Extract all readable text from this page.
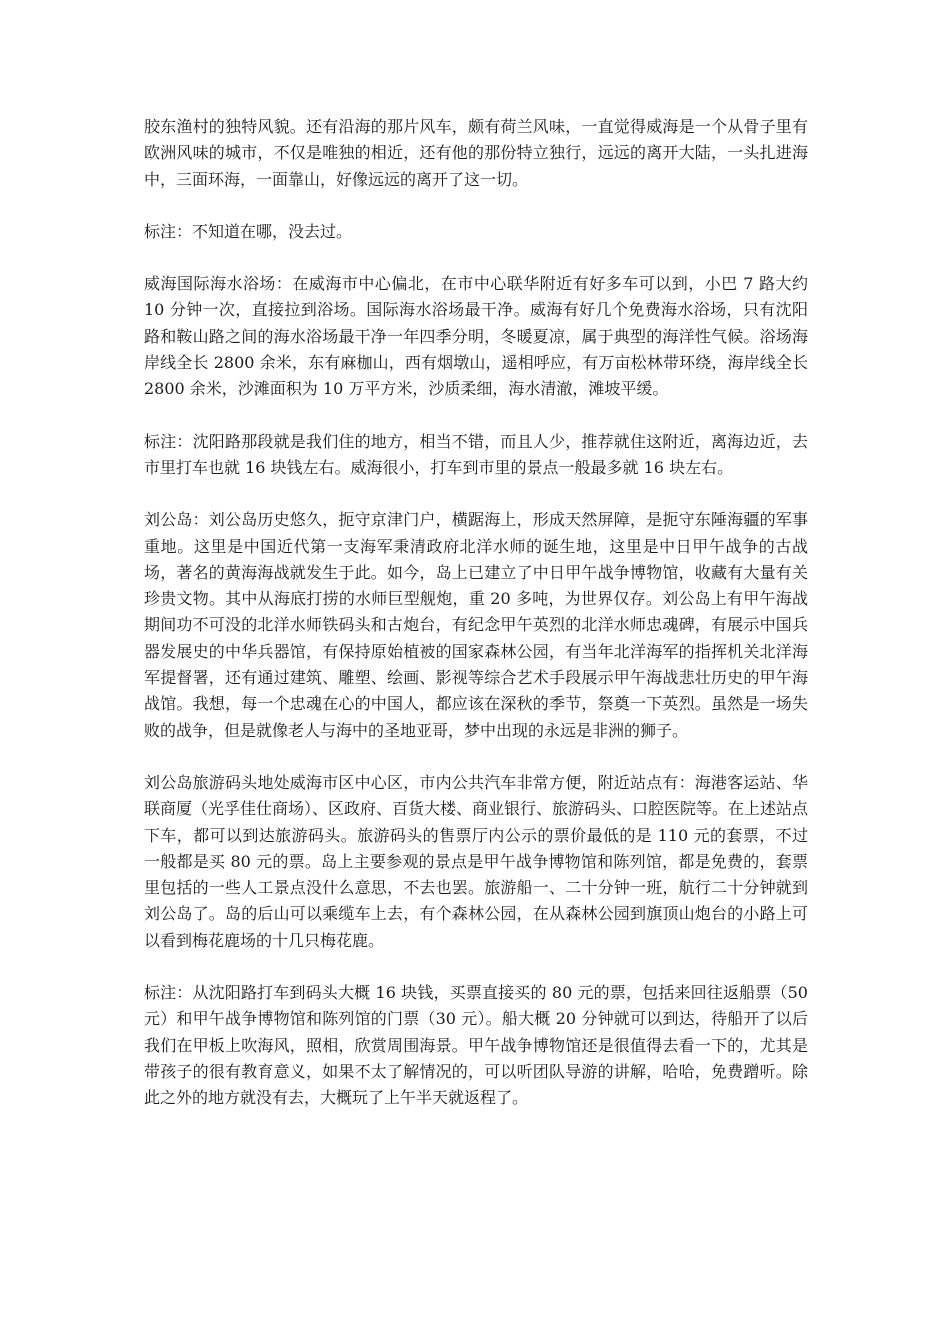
胶东渔村的独特风貌。还有沿海的那片风车，颇有荷兰风味，一直觉得威海是一个从骨子里有欧洲风味的城市，不仅是唯独的相近，还有他的那份特立独行，远远的离开大陆，一头扎进海中，三面环海，一面靠山，好像远远的离开了这一切。

标注：不知道在哪，没去过。

威海国际海水浴场：在威海市中心偏北，在市中心联华附近有好多车可以到，小巴 7 路大约 10 分钟一次，直接拉到浴场。国际海水浴场最干净。威海有好几个免费海水浴场，只有沈阳路和鞍山路之间的海水浴场最干净一年四季分明，冬暖夏凉，属于典型的海洋性气候。浴场海岸线全长 2800 余米，东有麻枷山，西有烟墩山，遥相呼应，有万亩松林带环绕，海岸线全长 2800 余米，沙滩面积为 10 万平方米，沙质柔细，海水清澈，滩坡平缓。

标注：沈阳路那段就是我们住的地方，相当不错，而且人少，推荐就住这附近，离海边近，去市里打车也就 16 块钱左右。威海很小，打车到市里的景点一般最多就 16 块左右。

刘公岛：刘公岛历史悠久，扼守京津门户，横踞海上，形成天然屏障，是扼守东陲海疆的军事重地。这里是中国近代第一支海军秉清政府北洋水师的诞生地，这里是中日甲午战争的古战场，著名的黄海海战就发生于此。如今，岛上已建立了中日甲午战争博物馆，收藏有大量有关珍贵文物。其中从海底打捞的水师巨型舰炮，重 20 多吨，为世界仅存。刘公岛上有甲午海战期间功不可没的北洋水师铁码头和古炮台，有纪念甲午英烈的北洋水师忠魂碑，有展示中国兵器发展史的中华兵器馆，有保持原始植被的国家森林公园，有当年北洋海军的指挥机关北洋海军提督署，还有通过建筑、雕塑、绘画、影视等综合艺术手段展示甲午海战悲壮历史的甲午海战馆。我想，每一个忠魂在心的中国人，都应该在深秋的季节，祭奠一下英烈。虽然是一场失败的战争，但是就像老人与海中的圣地亚哥，梦中出现的永远是非洲的狮子。

刘公岛旅游码头地处威海市区中心区，市内公共汽车非常方便，附近站点有：海港客运站、华联商厦（光孚佳仕商场）、区政府、百货大楼、商业银行、旅游码头、口腔医院等。在上述站点下车，都可以到达旅游码头。旅游码头的售票厅内公示的票价最低的是 110 元的套票，不过一般都是买 80 元的票。岛上主要参观的景点是甲午战争博物馆和陈列馆，都是免费的，套票里包括的一些人工景点没什么意思，不去也罢。旅游船一、二十分钟一班，航行二十分钟就到刘公岛了。岛的后山可以乘缆车上去，有个森林公园，在从森林公园到旗顶山炮台的小路上可以看到梅花鹿场的十几只梅花鹿。

标注：从沈阳路打车到码头大概 16 块钱，买票直接买的 80 元的票，包括来回往返船票（50 元）和甲午战争博物馆和陈列馆的门票（30 元）。船大概 20 分钟就可以到达，待船开了以后我们在甲板上吹海风，照相，欣赏周围海景。甲午战争博物馆还是很值得去看一下的，尤其是带孩子的很有教育意义，如果不太了解情况的，可以听团队导游的讲解，哈哈，免费蹭听。除此之外的地方就没有去，大概玩了上午半天就返程了。
